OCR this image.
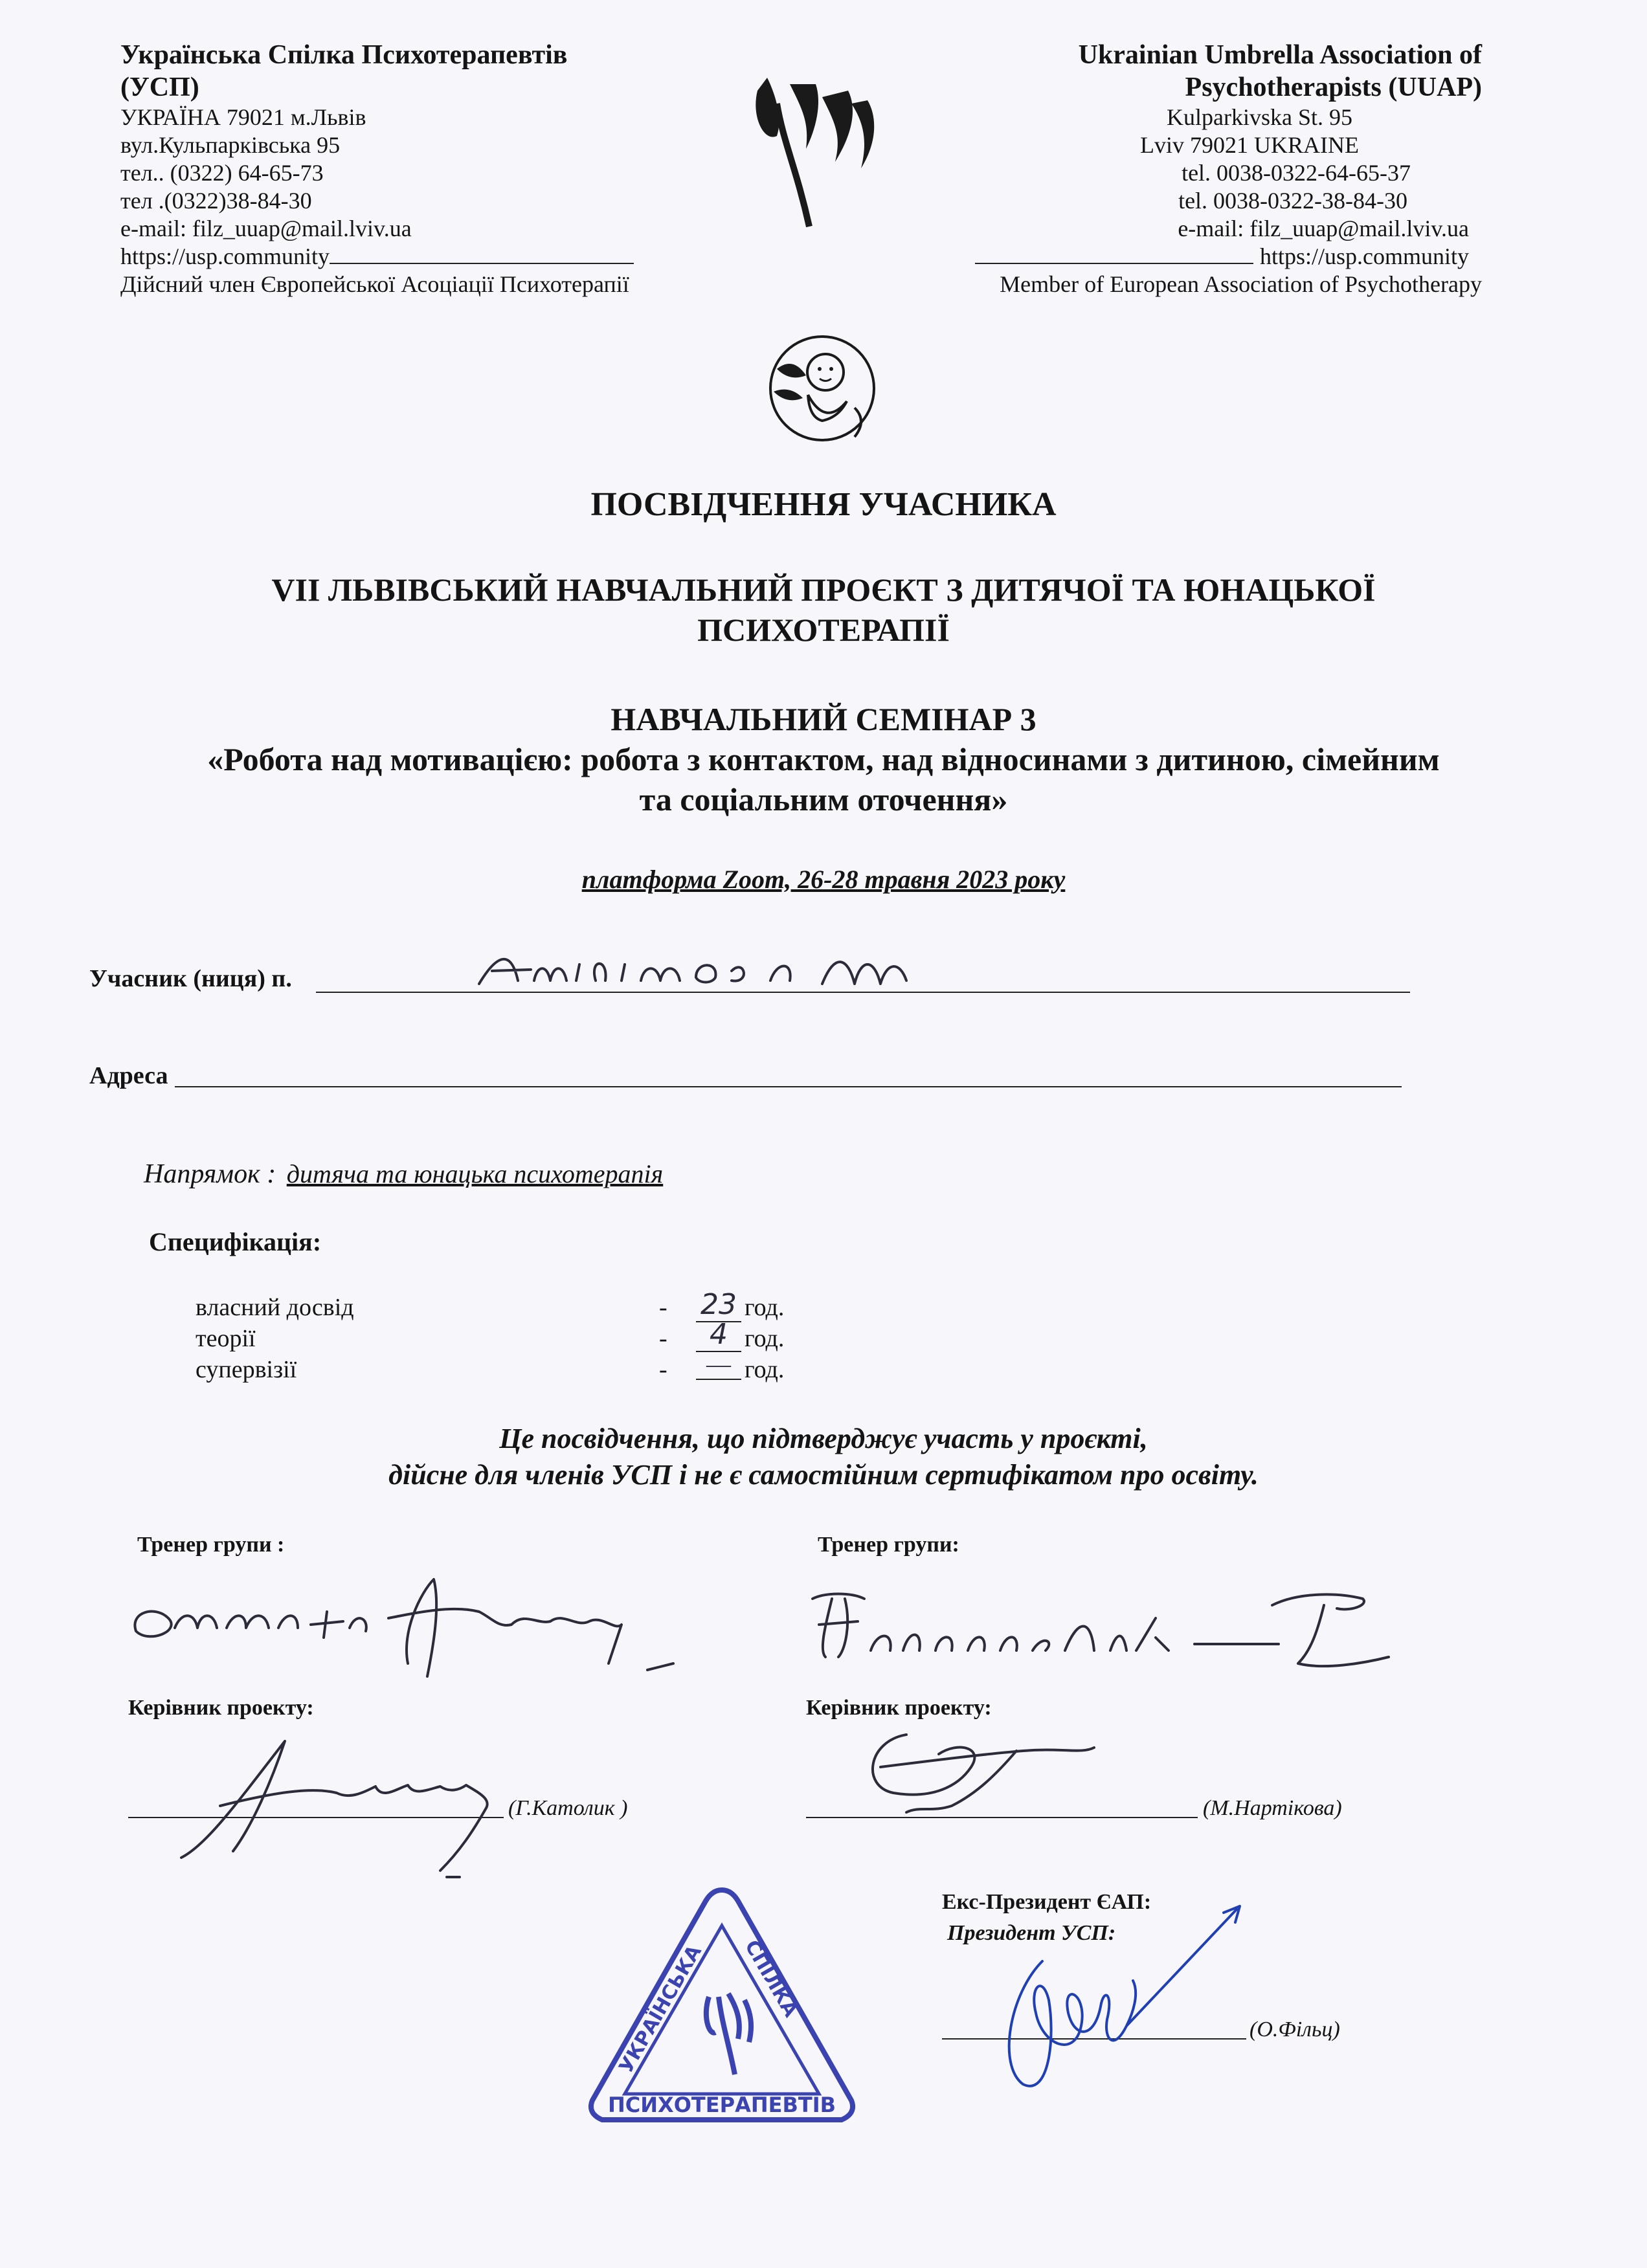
Українська Спілка Психотерапевтів
(УСП)
УКРАЇНА 79021 м.Львів
вул.Кульпарківська 95
тел.. (0322) 64-65-73
тел .(0322)38-84-30
e-mail: filz_uuap@mail.lviv.ua
https://usp.community
Дійсний член Європейської Асоціації Психотерапії
Ukrainian Umbrella Association of
Psychotherapists (UUAP)
Kulparkivska St. 95
Lviv 79021 UKRAINE
tel. 0038-0322-64-65-37
tel. 0038-0322-38-84-30
e-mail: filz_uuap@mail.lviv.ua
https://usp.community
Member of European Association of Psychotherapy
ПОСВІДЧЕННЯ УЧАСНИКА
VІІ ЛЬВІВСЬКИЙ НАВЧАЛЬНИЙ ПРОЄКТ З ДИТЯЧОЇ ТА ЮНАЦЬКОЇ
ПСИХОТЕРАПІЇ
НАВЧАЛЬНИЙ СЕМІНАР 3
«Робота над мотивацією: робота з контактом, над відносинами з дитиною, сімейним
та соціальним оточення»
платформа Zoom, 26-28 травня 2023 року
Учасник (ниця) п.
Адреса
Напрямок : дитяча та юнацька психотерапія
Специфікація:
власний досвід	- 23 год.
теорії	-	4 год.
супервізії	-	— год.
Це посвідчення, що підтверджує участь у проєкті,
дійсне для членів УСП і не є самостійним сертифікатом про освіту.
Тренер групи :	Тренер групи:
Керівник проекту:	Керівник проекту:
(Г.Католик )	(М.Нартікова)
Екс-Президент ЄАП:
Президент УСП:
(О.Фільц)
УКРАЇНСЬКА СПІЛКА
ПСИХОТЕРАПЕВТІВ
